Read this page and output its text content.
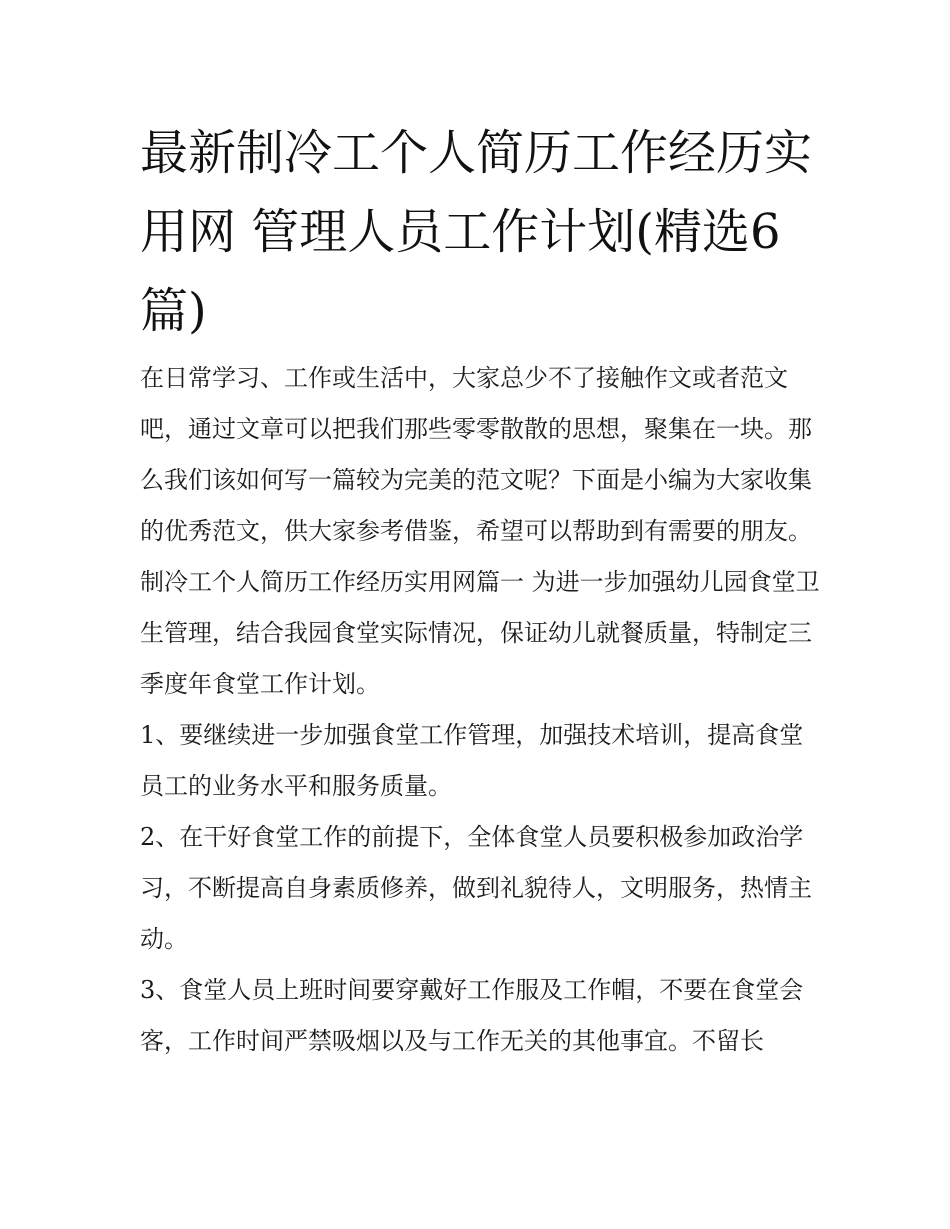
最新制冷工个人简历工作经历实用网 管理人员工作计划(精选6篇)

在日常学习、工作或生活中，大家总少不了接触作文或者范文吧，通过文章可以把我们那些零零散散的思想，聚集在一块。那么我们该如何写一篇较为完美的范文呢？下面是小编为大家收集的优秀范文，供大家参考借鉴，希望可以帮助到有需要的朋友。

制冷工个人简历工作经历实用网篇一 为进一步加强幼儿园食堂卫生管理，结合我园食堂实际情况，保证幼儿就餐质量，特制定三季度年食堂工作计划。

1、要继续进一步加强食堂工作管理，加强技术培训，提高食堂员工的业务水平和服务质量。

2、在干好食堂工作的前提下，全体食堂人员要积极参加政治学习，不断提高自身素质修养，做到礼貌待人，文明服务，热情主动。

3、食堂人员上班时间要穿戴好工作服及工作帽，不要在食堂会客，工作时间严禁吸烟以及与工作无关的其他事宜。不留长
